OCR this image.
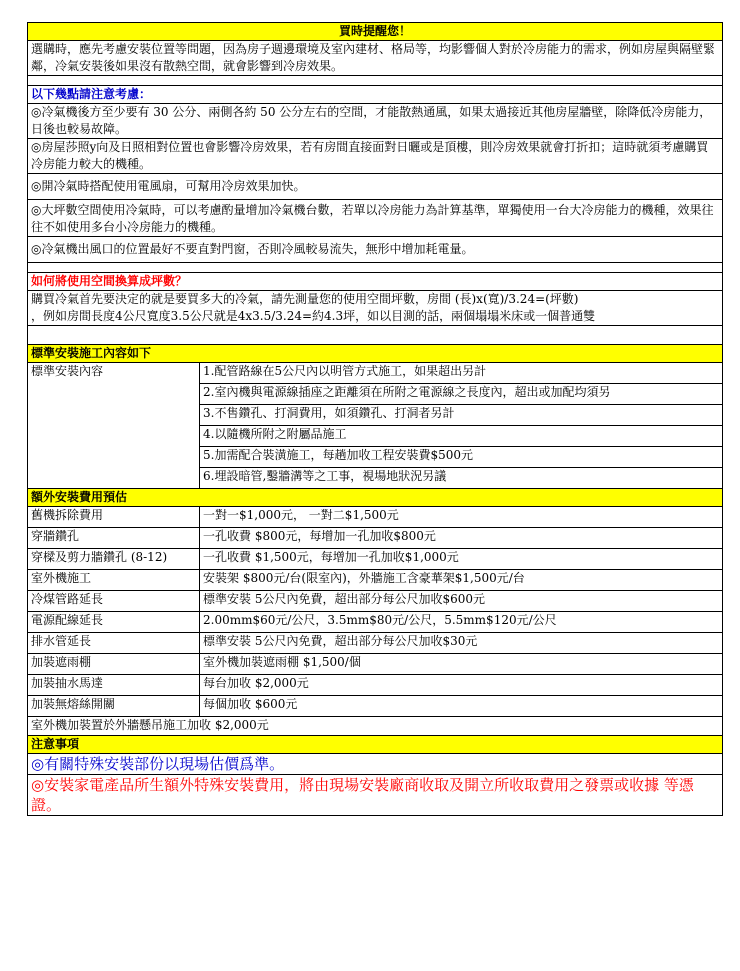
買時提醒您！	
選購時，應先考慮安裝位置等問題，因為房子週邊環境及室內建材、格局等，均影響個人對於冷房能力的需求，例如房屋與隔壁緊鄰，冷氣安裝後如果沒有散熱空間，就會影響到冷房效果。	

以下幾點請注意考慮：	
◎冷氣機後方至少要有 30 公分、兩側各約 50 公分左右的空間，才能散熱通風，如果太過接近其他房屋牆壁，除降低冷房能力，日後也較易故障。	
◎房屋莎照y向及日照相對位置也會影響冷房效果，若有房間直接面對日曬或是頂樓，則冷房效果就會打折扣；這時就須考慮購買冷房能力較大的機種。	
◎開冷氣時搭配使用電風扇，可幫用冷房效果加快。	
◎大坪數空間使用冷氣時，可以考慮酌量增加冷氣機台數，若單以冷房能力為計算基準，單獨使用一台大冷房能力的機種，效果往往不如使用多台小冷房能力的機種。	
◎冷氣機出風口的位置最好不要直對門窗，否則冷風較易流失，無形中增加耗電量。	

如何將使用空間換算成坪數？	

購買冷氣首先要決定的就是要買多大的冷氣，請先測量您的使用空間坪數，房間 (長)x(寬)/3.24=(坪數)
，例如房間長度4公尺寬度3.5公尺就是4x3.5/3.24=約4.3坪，如以目測的話，兩個塌塌米床或一個普通雙	

標準安裝施工內容如下	
標準安裝內容	1.配管路線在5公尺內以明管方式施工，如果超出另計
	2.室內機與電源線插座之距離須在所附之電源線之長度內，超出或加配均須另
	3.不售鑽孔、打洞費用，如須鑽孔、打洞者另計
	4.以隨機所附之附屬品施工
	5.加需配合裝潢施工，每趟加收工程安裝費$500元
	6.埋設暗管,鑿牆溝等之工事，視場地狀況另議
額外安裝費用預估	
舊機拆除費用	一對一$1,000元， 一對二$1,500元
穿牆鑽孔	一孔收費 $800元，每增加一孔加收$800元
穿樑及剪力牆鑽孔 (8-12)	一孔收費 $1,500元，每增加一孔加收$1,000元
室外機施工	安裝架 $800元/台(限室內)，外牆施工含豪華架$1,500元/台
冷煤管路延長	標準安裝 5公尺內免費，超出部分每公尺加收$600元
電源配線延長	2.00mm$60元/公尺，3.5mm$80元/公尺，5.5mm$120元/公尺
排水管延長	標準安裝 5公尺內免費，超出部分每公尺加收$30元
加裝遮雨棚	室外機加裝遮雨棚 $1,500/個
加裝抽水馬達	每台加收 $2,000元
加裝無熔絲開關	每個加收 $600元
室外機加裝置於外牆懸吊施工加收 $2,000元	
注意事項	
◎有關特殊安裝部份以現場估價爲準。	
◎安裝家電產品所生額外特殊安裝費用，將由現場安裝廠商收取及開立所收取費用之發票或收據 等憑證。	
